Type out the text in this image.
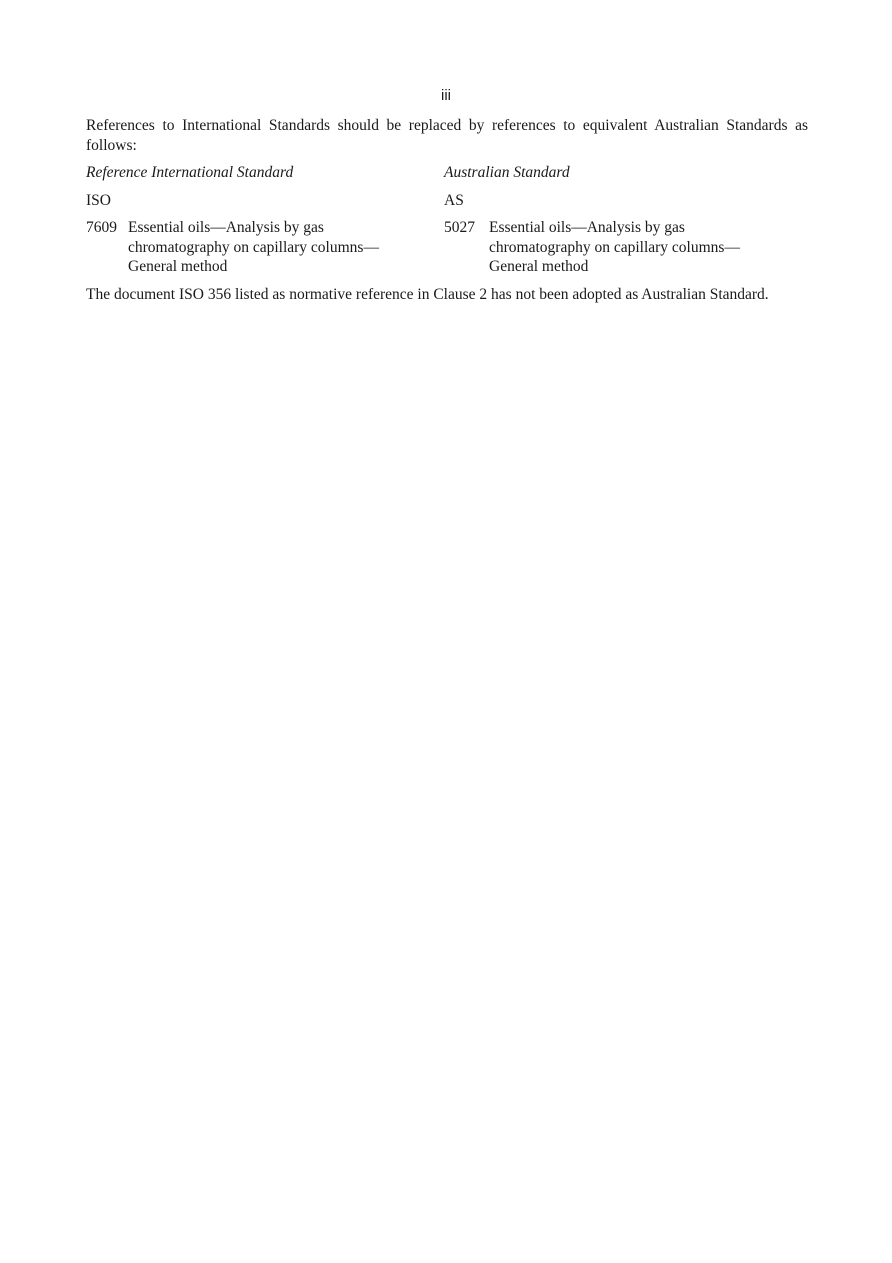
iii

References to International Standards should be replaced by references to equivalent Australian Standards as follows:

Reference International Standard	Australian Standard
ISO	AS
7609 Essential oils—Analysis by gas
chromatography on capillary columns—
General method
5027 Essential oils—Analysis by gas
chromatography on capillary columns—
General method

The document ISO 356 listed as normative reference in Clause 2 has not been adopted as Australian Standard.
